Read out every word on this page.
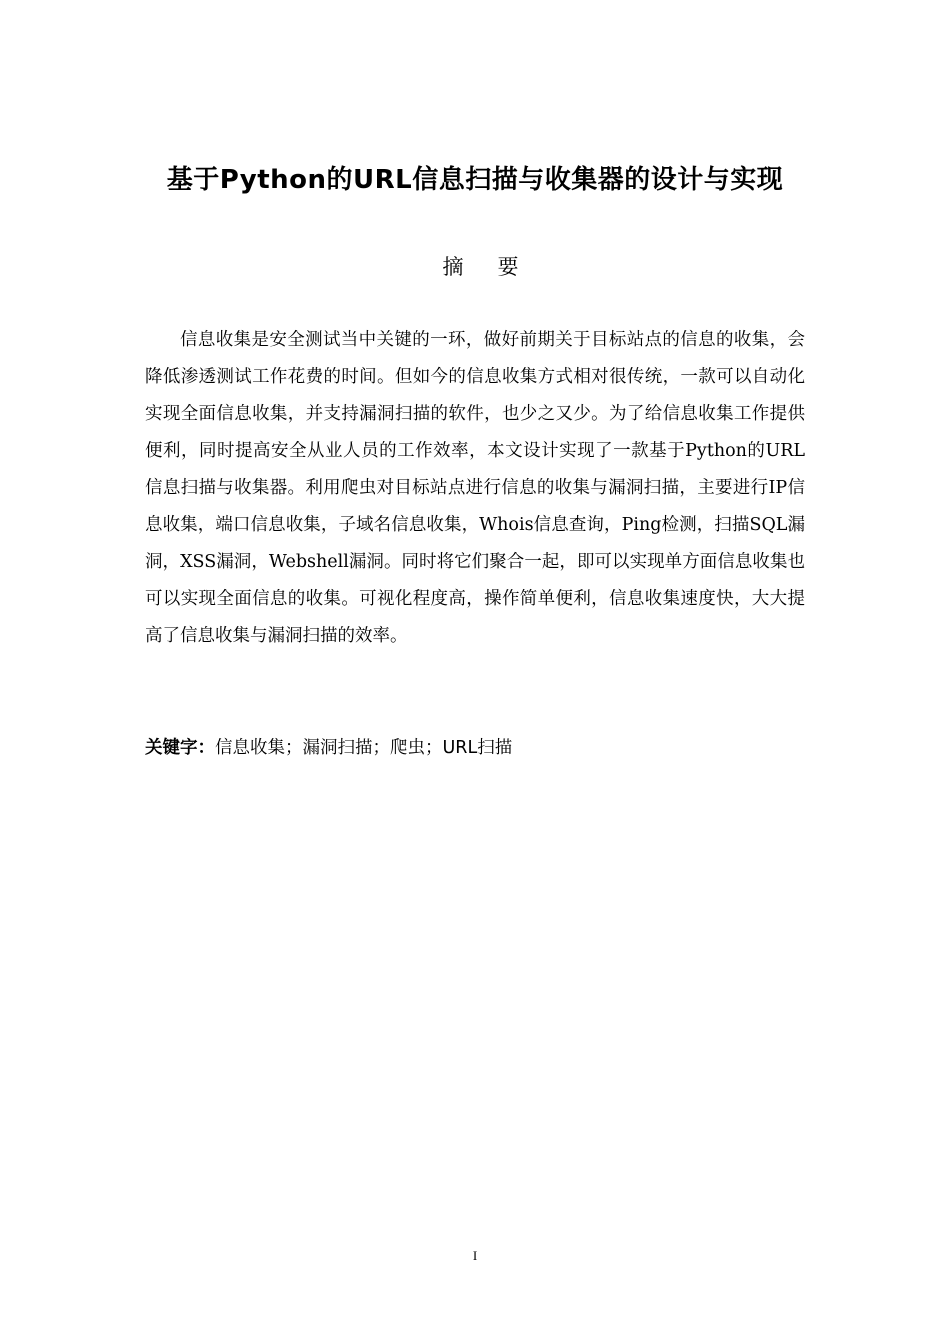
基于Python的URL信息扫描与收集器的设计与实现
摘要

信息收集是安全测试当中关键的一环，做好前期关于目标站点的信息的收集，会降低渗透测试工作花费的时间。但如今的信息收集方式相对很传统，一款可以自动化实现全面信息收集，并支持漏洞扫描的软件，也少之又少。为了给信息收集工作提供便利，同时提高安全从业人员的工作效率，本文设计实现了一款基于Python的URL信息扫描与收集器。利用爬虫对目标站点进行信息的收集与漏洞扫描，主要进行IP信息收集，端口信息收集，子域名信息收集，Whois信息查询，Ping检测，扫描SQL漏洞，XSS漏洞，Webshell漏洞。同时将它们聚合一起，即可以实现单方面信息收集也可以实现全面信息的收集。可视化程度高，操作简单便利，信息收集速度快，大大提高了信息收集与漏洞扫描的效率。

关键字：信息收集；漏洞扫描；爬虫；URL扫描
I
